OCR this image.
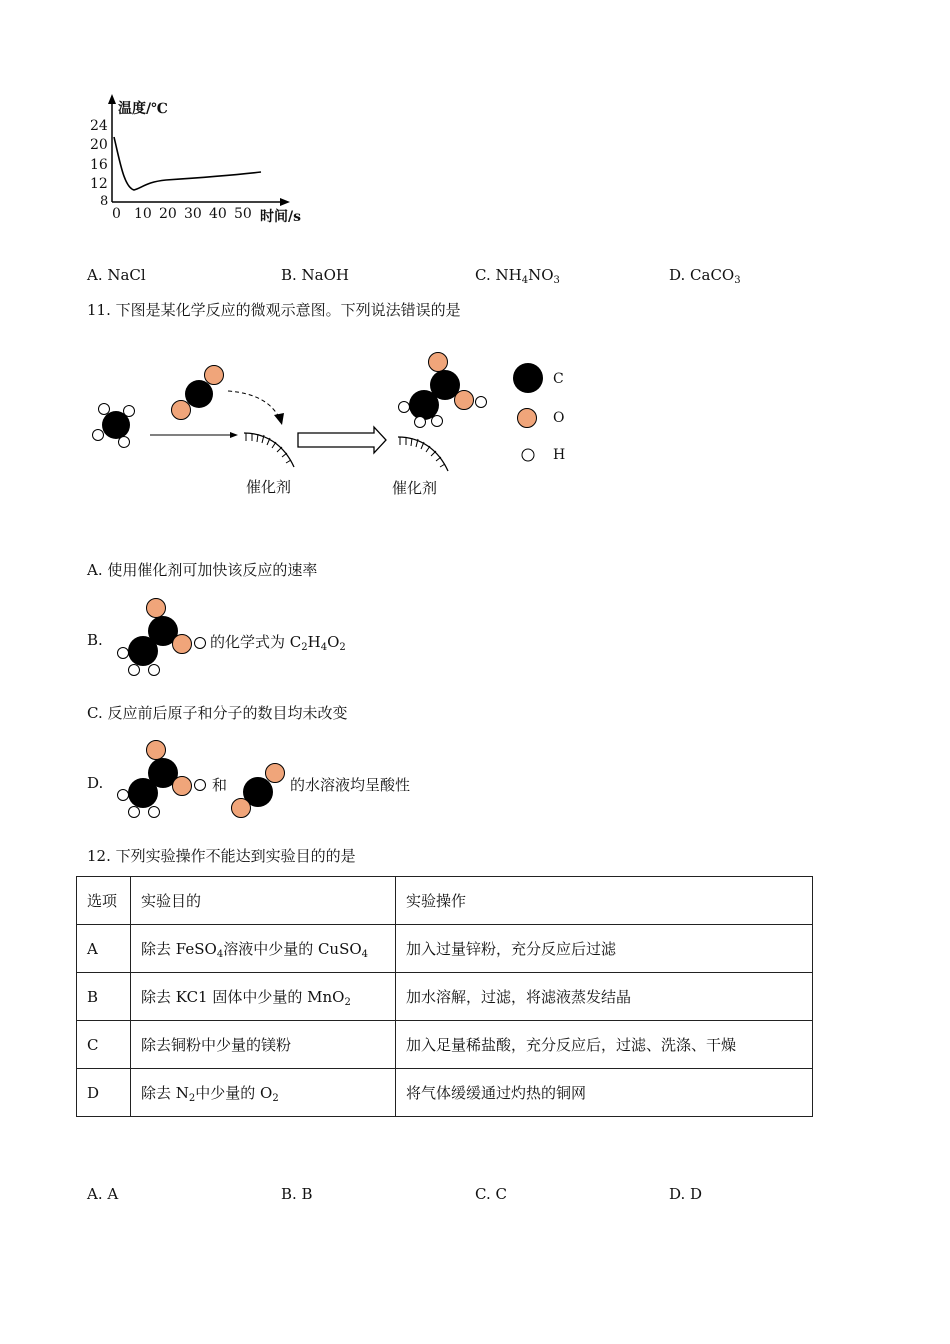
温度/℃
24
20
16
12
8
0 10 20 30 40 50 时间/s
A. NaCl	B. NaOH	C. $NH_4NO_3$	D. CaCO$_3$
11. 下图是某化学反应的微观示意图。下列说法错误的是
催化剂	催化剂
C
O
H
A. 使用催化剂可加快该反应的速率
B.	的化学式为 $C_2H_4O_2$
C. 反应前后原子和分子的数目均未改变
D.	和	的水溶液均呈酸性
12. 下列实验操作不能达到实验目的的是
选项	实验目的	实验操作
A	除去 FeSO$_4$溶液中少量的 CuSO$_4$	加入过量锌粉，充分反应后过滤
B	除去 KC1 固体中少量的 MnO$_2$	加水溶解，过滤，将滤液蒸发结晶
C	除去铜粉中少量的镁粉	加入足量稀盐酸，充分反应后，过滤、洗涤、干燥
D	除去 $N_2$中少量的 $O_2$	将气体缓缓通过灼热的铜网
A. A	B. B	C. C	D. D
